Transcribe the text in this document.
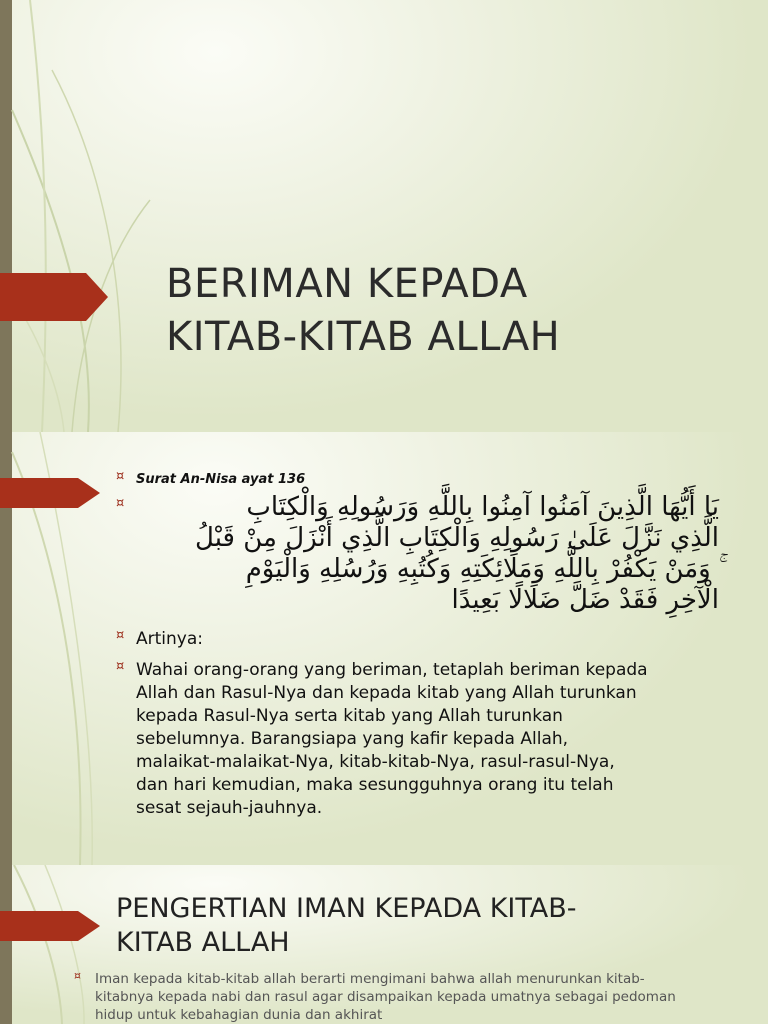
BERIMAN KEPADA
KITAB-KITAB ALLAH
¤ Surat An-Nisa ayat 136
¤	يَا أَيُّهَا الَّذِينَ آمَنُوا آمِنُوا بِاللَّهِ وَرَسُولِهِ وَالْكِتَابِ
الَّذِي نَزَّلَ عَلَىٰ رَسُولِهِ وَالْكِتَابِ الَّذِي أَنْزَلَ مِنْ قَبْلُ
ۚ وَمَنْ يَكْفُرْ بِاللَّهِ وَمَلَائِكَتِهِ وَكُتُبِهِ وَرُسُلِهِ وَالْيَوْمِ
الْآخِرِ فَقَدْ ضَلَّ ضَلَالًا بَعِيدًا
¤ Artinya:
¤ Wahai orang-orang yang beriman, tetaplah beriman kepada
Allah dan Rasul-Nya dan kepada kitab yang Allah turunkan
kepada Rasul-Nya serta kitab yang Allah turunkan
sebelumnya. Barangsiapa yang kafir kepada Allah,
malaikat-malaikat-Nya, kitab-kitab-Nya, rasul-rasul-Nya,
dan hari kemudian, maka sesungguhnya orang itu telah
sesat sejauh-jauhnya.
PENGERTIAN IMAN KEPADA KITAB-
KITAB ALLAH
¤ Iman kepada kitab-kitab allah berarti mengimani bahwa allah menurunkan kitab-
kitabnya kepada nabi dan rasul agar disampaikan kepada umatnya sebagai pedoman
hidup untuk kebahagian dunia dan akhirat
